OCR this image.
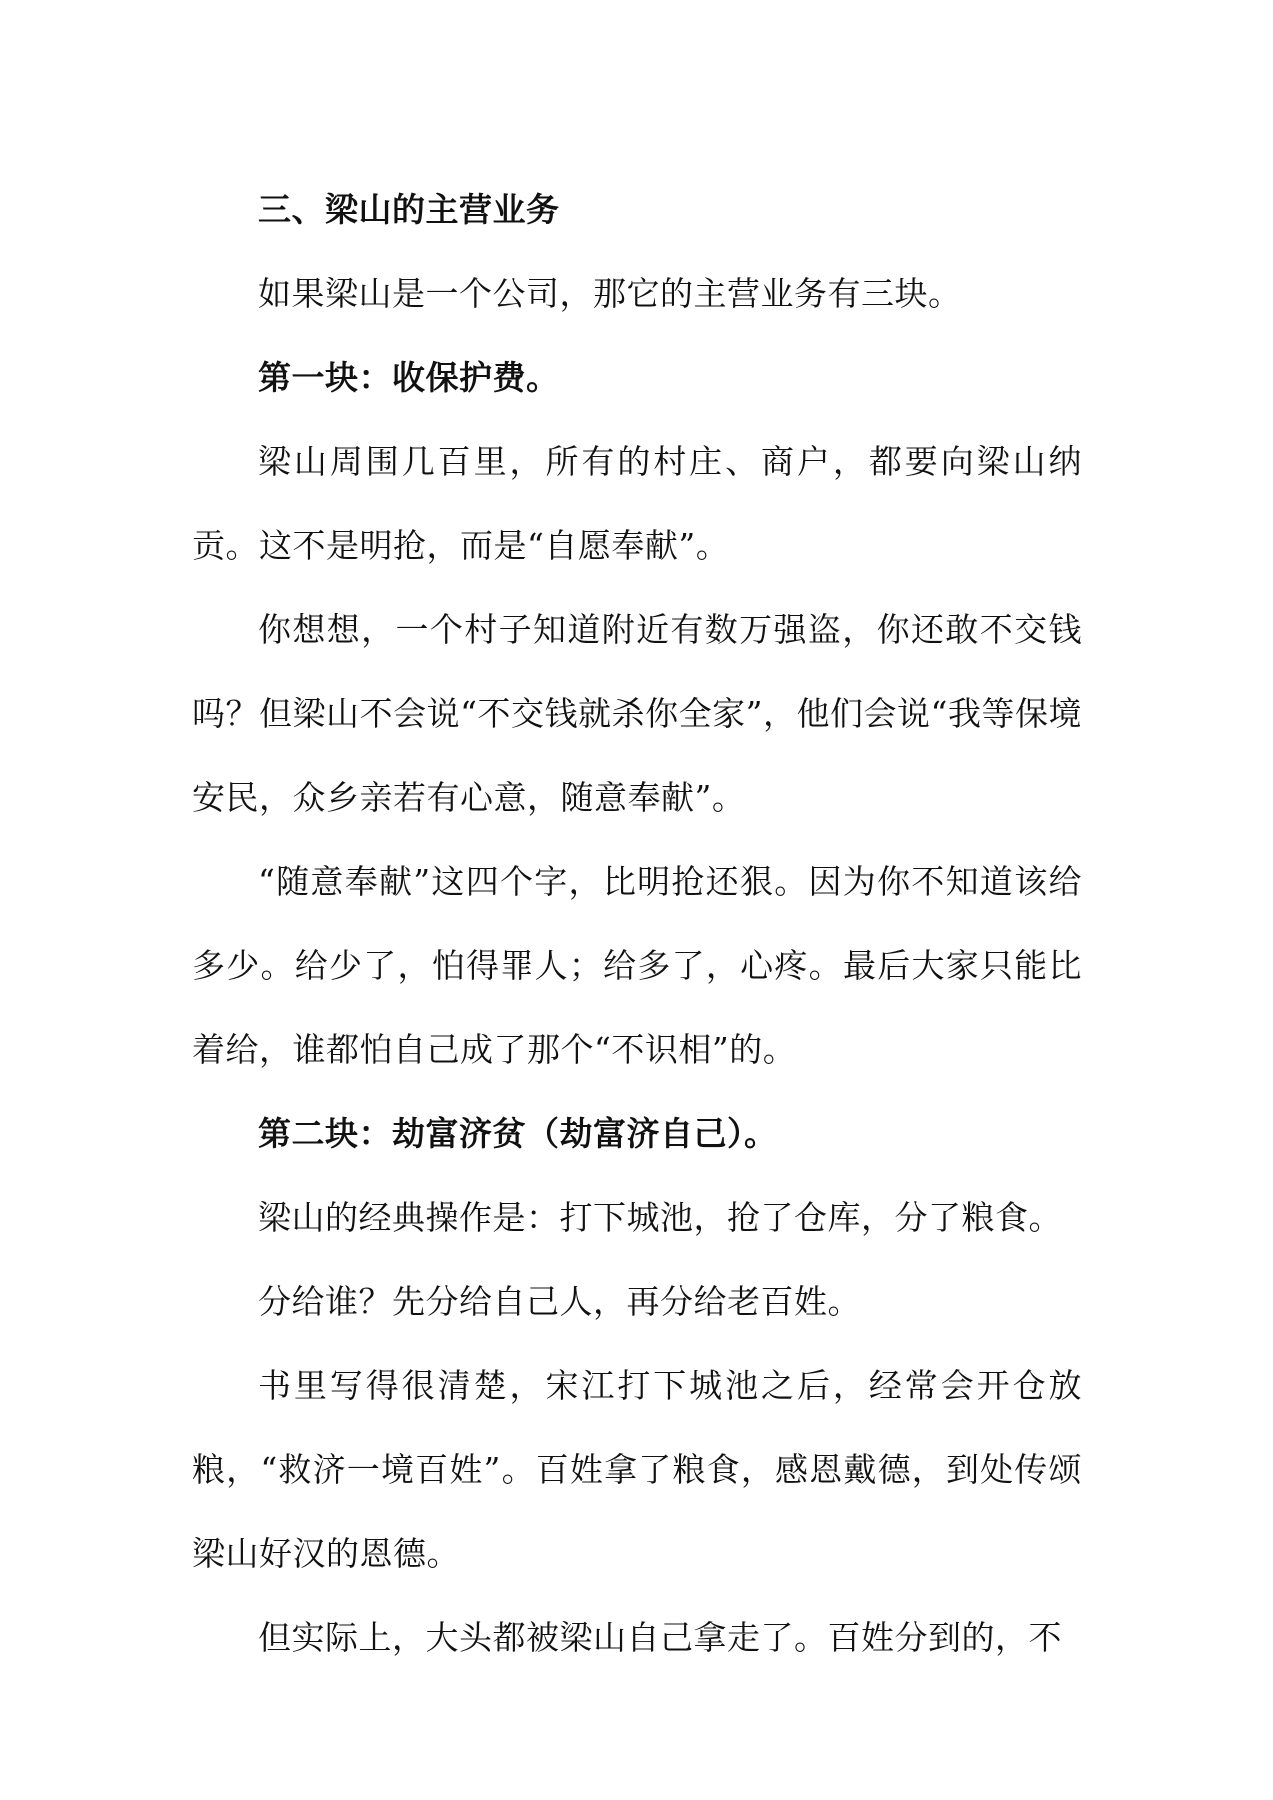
三、梁山的主营业务

如果梁山是一个公司，那它的主营业务有三块。

第一块：收保护费。

梁山周围几百里，所有的村庄、商户，都要向梁山纳贡。这不是明抢，而是“自愿奉献”。

你想想，一个村子知道附近有数万强盗，你还敢不交钱吗？但梁山不会说“不交钱就杀你全家”，他们会说“我等保境安民，众乡亲若有心意，随意奉献”。

“随意奉献”这四个字，比明抢还狠。因为你不知道该给多少。给少了，怕得罪人；给多了，心疼。最后大家只能比着给，谁都怕自己成了那个“不识相”的。

第二块：劫富济贫（劫富济自己）。

梁山的经典操作是：打下城池，抢了仓库，分了粮食。

分给谁？先分给自己人，再分给老百姓。

书里写得很清楚，宋江打下城池之后，经常会开仓放粮，“救济一境百姓”。百姓拿了粮食，感恩戴德，到处传颂梁山好汉的恩德。

但实际上，大头都被梁山自己拿走了。百姓分到的，不
